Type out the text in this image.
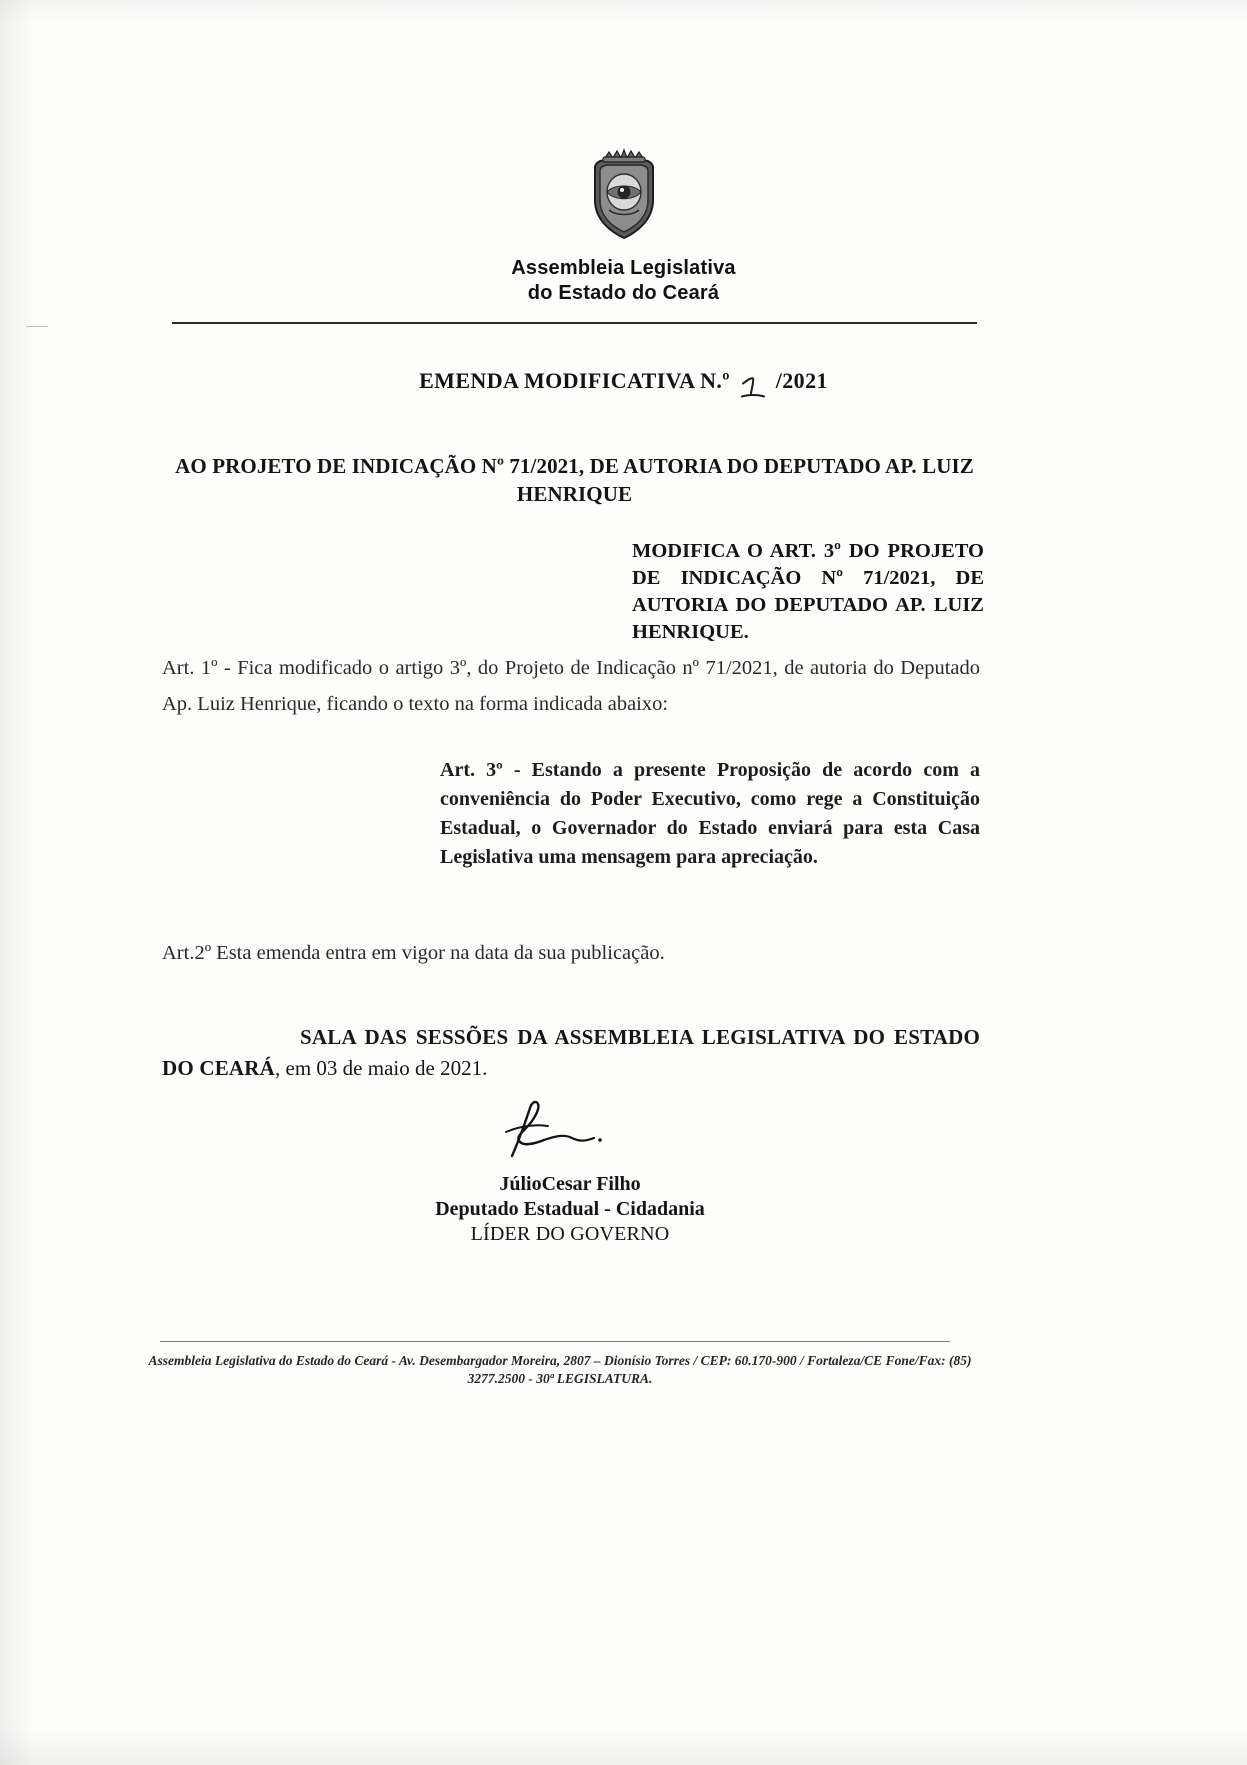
Assembleia Legislativa
do Estado do Ceará
EMENDA MODIFICATIVA N.º /2021
AO PROJETO DE INDICAÇÃO Nº 71/2021, DE AUTORIA DO DEPUTADO AP. LUIZ HENRIQUE
MODIFICA O ART. 3º DO PROJETO DE INDICAÇÃO Nº 71/2021, DE AUTORIA DO DEPUTADO AP. LUIZ HENRIQUE.
Art. 1º - Fica modificado o artigo 3º, do Projeto de Indicação nº 71/2021, de autoria do Deputado Ap. Luiz Henrique, ficando o texto na forma indicada abaixo:
Art. 3º - Estando a presente Proposição de acordo com a conveniência do Poder Executivo, como rege a Constituição Estadual, o Governador do Estado enviará para esta Casa Legislativa uma mensagem para apreciação.
Art.2º Esta emenda entra em vigor na data da sua publicação.
SALA DAS SESSÕES DA ASSEMBLEIA LEGISLATIVA DO ESTADO DO CEARÁ, em 03 de maio de 2021.
JúlioCesar Filho
Deputado Estadual - Cidadania
LÍDER DO GOVERNO
Assembleia Legislativa do Estado do Ceará - Av. Desembargador Moreira, 2807 – Dionísio Torres / CEP: 60.170-900 / Fortaleza/CE Fone/Fax: (85)
3277.2500 - 30ª LEGISLATURA.
